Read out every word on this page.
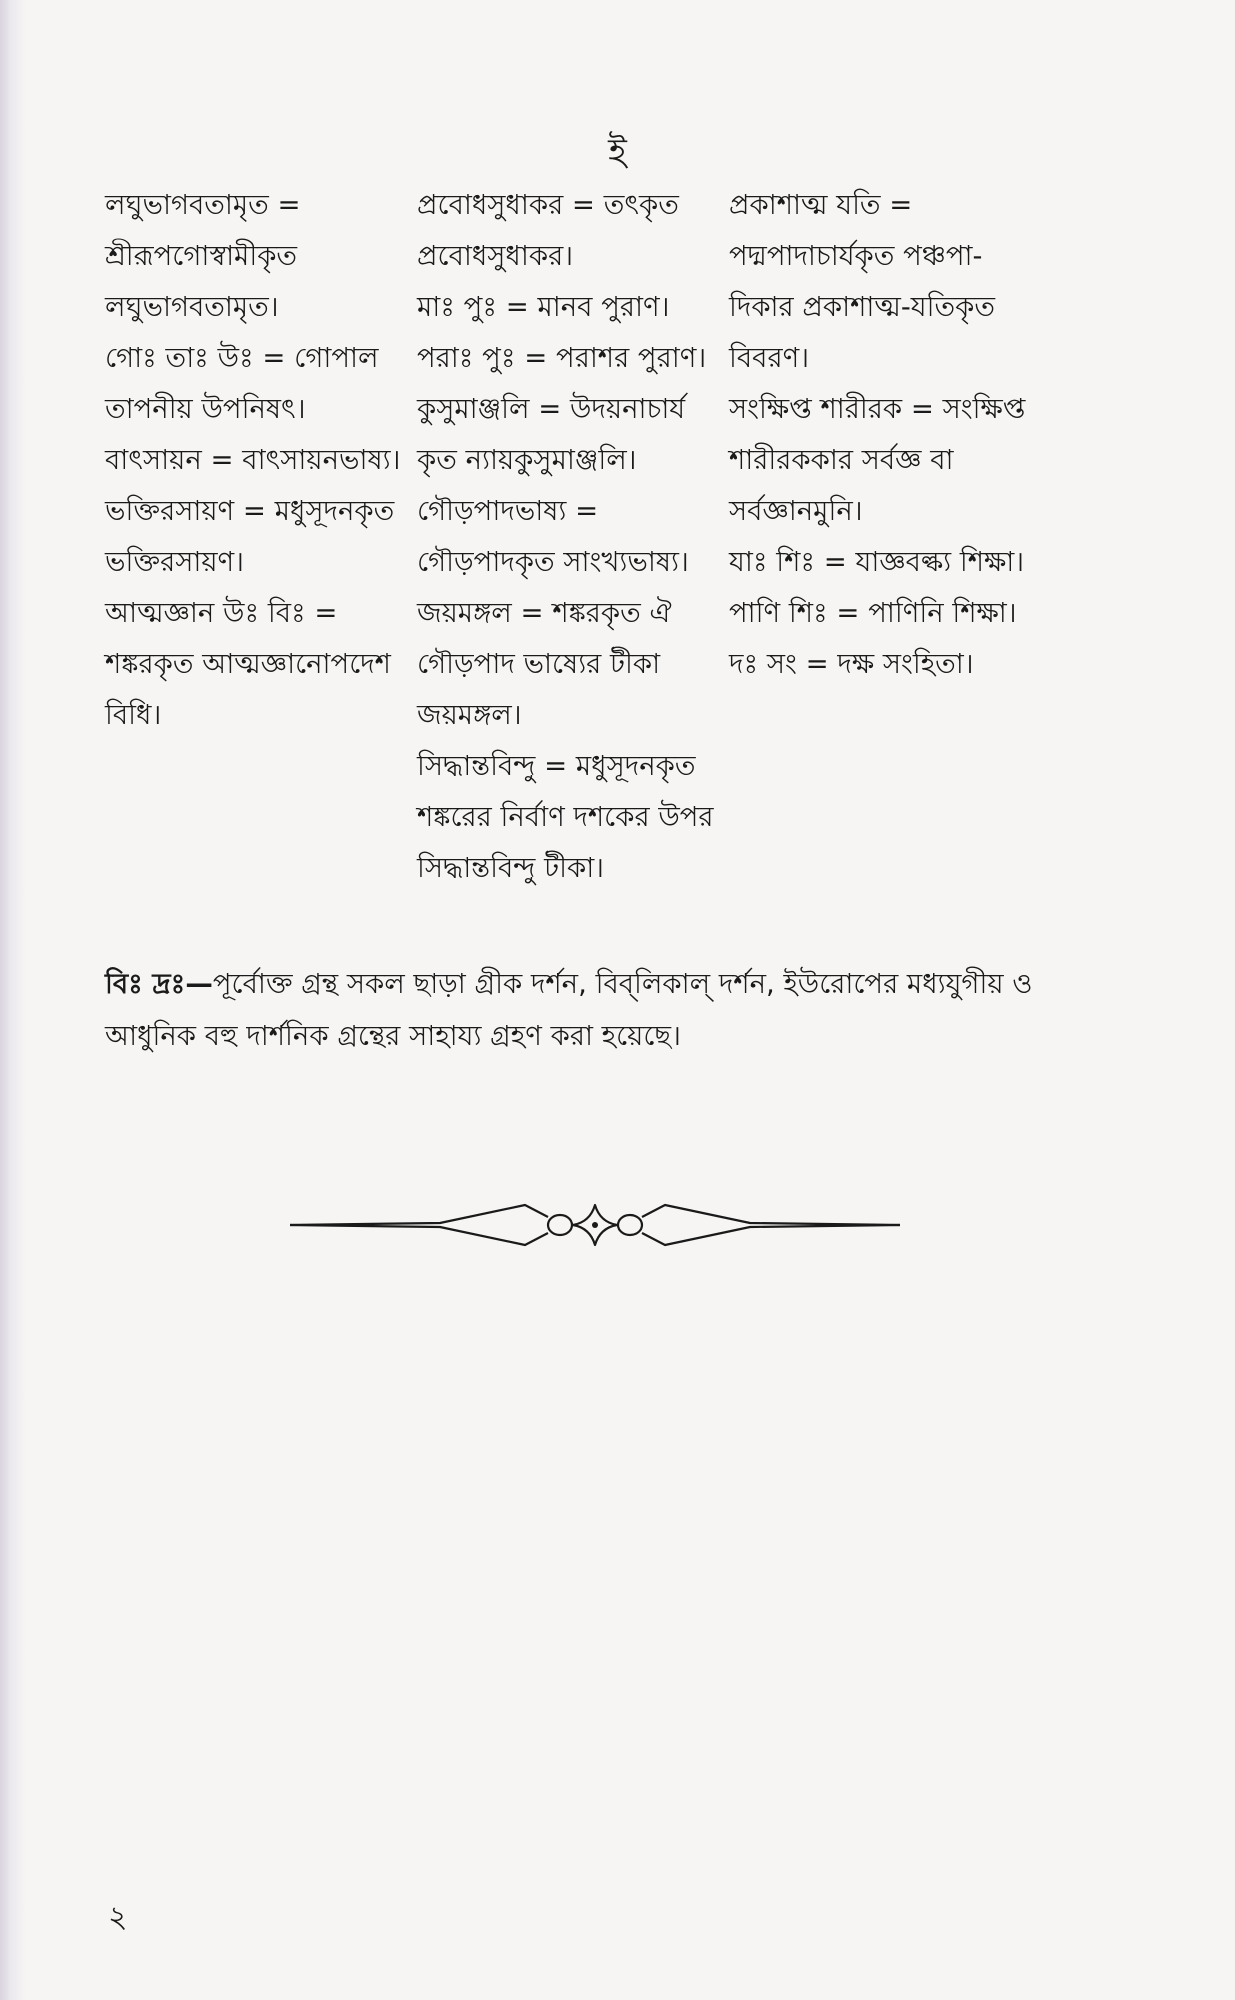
ই

লঘুভাগবতামৃত = শ্রীরূপগোস্বামীকৃত লঘুভাগবতামৃত।

গোঃ তাঃ উঃ = গোপাল তাপনীয় উপনিষৎ।

বাৎসায়ন = বাৎসায়নভাষ্য।

ভক্তিরসায়ণ = মধুসূদনকৃত ভক্তিরসায়ণ।

আত্মজ্ঞান উঃ বিঃ = শঙ্করকৃত আত্মজ্ঞানোপদেশ বিধি।

প্রবোধসুধাকর = তৎকৃত প্রবোধসুধাকর।

মাঃ পুঃ = মানব পুরাণ।

পরাঃ পুঃ = পরাশর পুরাণ।

কুসুমাঞ্জলি = উদয়নাচার্য কৃত ন্যায়কুসুমাঞ্জলি।

গৌড়পাদভাষ্য = গৌড়পাদকৃত সাংখ্যভাষ্য।

জয়মঙ্গল = শঙ্করকৃত ঐ গৌড়পাদ ভাষ্যের টীকা জয়মঙ্গল।

সিদ্ধান্তবিন্দু = মধুসূদনকৃত শঙ্করের নির্বাণ দশকের উপর সিদ্ধান্তবিন্দু টীকা।

প্রকাশাত্ম যতি = পদ্মপাদাচার্যকৃত পঞ্চপা- দিকার প্রকাশাত্ম-যতিকৃত বিবরণ।

সংক্ষিপ্ত শারীরক = সংক্ষিপ্ত শারীরককার সর্বজ্ঞ বা সর্বজ্ঞানমুনি।

যাঃ শিঃ = যাজ্ঞবল্ক্য শিক্ষা।

পাণি শিঃ = পাণিনি শিক্ষা।

দঃ সং = দক্ষ সংহিতা।

বিঃ দ্রঃ—পূর্বোক্ত গ্রন্থ সকল ছাড়া গ্রীক দর্শন, বিব্‌লিকাল্‌ দর্শন, ইউরোপের মধ্যযুগীয় ও আধুনিক বহু দার্শনিক গ্রন্থের সাহায্য গ্রহণ করা হয়েছে।
২
